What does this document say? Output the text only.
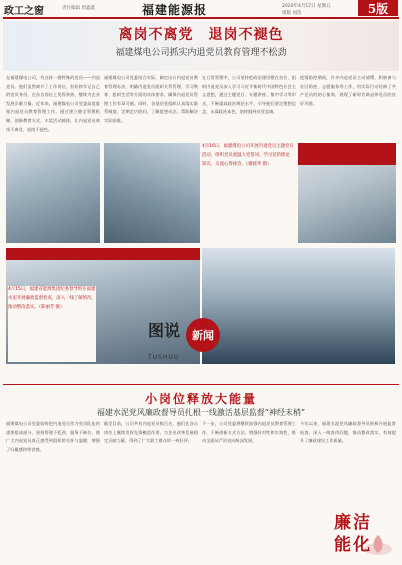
政工之窗	责任编辑 周鑫鑫	福建能源报	2020年4月17日 星期五
组版 刘苗	5版
离岗不离党　退岗不褪色
福建煤电公司抓实内退党员教育管理不松劲
在福建煤电公司，有这样一群特殊的党员——内退党员。他们虽然离开了工作岗位，但始终牢记自己的党员身份，在各自岗位上发挥余热，继续为企业发展贡献力量。近年来，福建煤电公司党委高度重视内退党员教育管理工作，通过建立健全管理机制，创新教育方式，丰富活动载体，让内退党员离岗不离党、退岗不褪色。
福建煤电公司党委结合实际，制定出台内退党员教育管理办法，明确内退党员组织关系管理、学习教育、组织生活等方面的具体要求，确保内退党员管理工作有章可循。同时，各基层党组织认真落实联系制度，定期走访慰问，了解思想动态，帮助解决实际困难。
在日常管理中，公司坚持把政治建设摆在首位，组织内退党员深入学习习近平新时代中国特色社会主义思想，通过主题党日、专题讲座、集中学习等形式，不断提高政治理论水平，引导他们坚定理想信念，永葆政治本色，始终做到对党忠诚。
疫情防控期间，许多内退党员主动请缨，积极参与社区防控、志愿服务等工作，用实际行动诠释了共产党员的初心使命，展现了新时代离退休党员的良好风貌。
4月16日，福建煤电公司开展内退党员主题党日活动，组织党员重温入党誓词，学习党的理论知识，交流心得体会。（谢晓华 摄）
4月15日，福建省能源集团纪委督导组在福建水泥开展廉政监督检查，深入一线了解情况，推动整改落实。（陈丽芳 摄）
图说	新闻
TUSHUO
小岗位释放大能量
福建水泥党风廉政督导员扎根一线激活基层监督“神经末梢”
福建煤电公司党委始终把内退党员作为党员队伍的重要组成部分，坚持管理不松劲、服务不缺位，使广大内退党员真正感受到组织的关怀与温暖，增强了归属感和荣誉感。
截至目前，公司共有内退党员数百名，他们在各自岗位上继续发挥先锋模范作用，为企业改革发展稳定贡献力量，得到了广大职工群众的一致好评。
下一步，公司党委将继续加强内退党员教育管理工作，不断创新方式方法，增强针对性和实效性，推动全面从严治党向纵深发展。
今年以来，福建水泥党风廉政督导员积极开展监督检查，深入一线查找问题，推动整改落实，有效提升了廉政建设工作质量。
廉洁
能化
